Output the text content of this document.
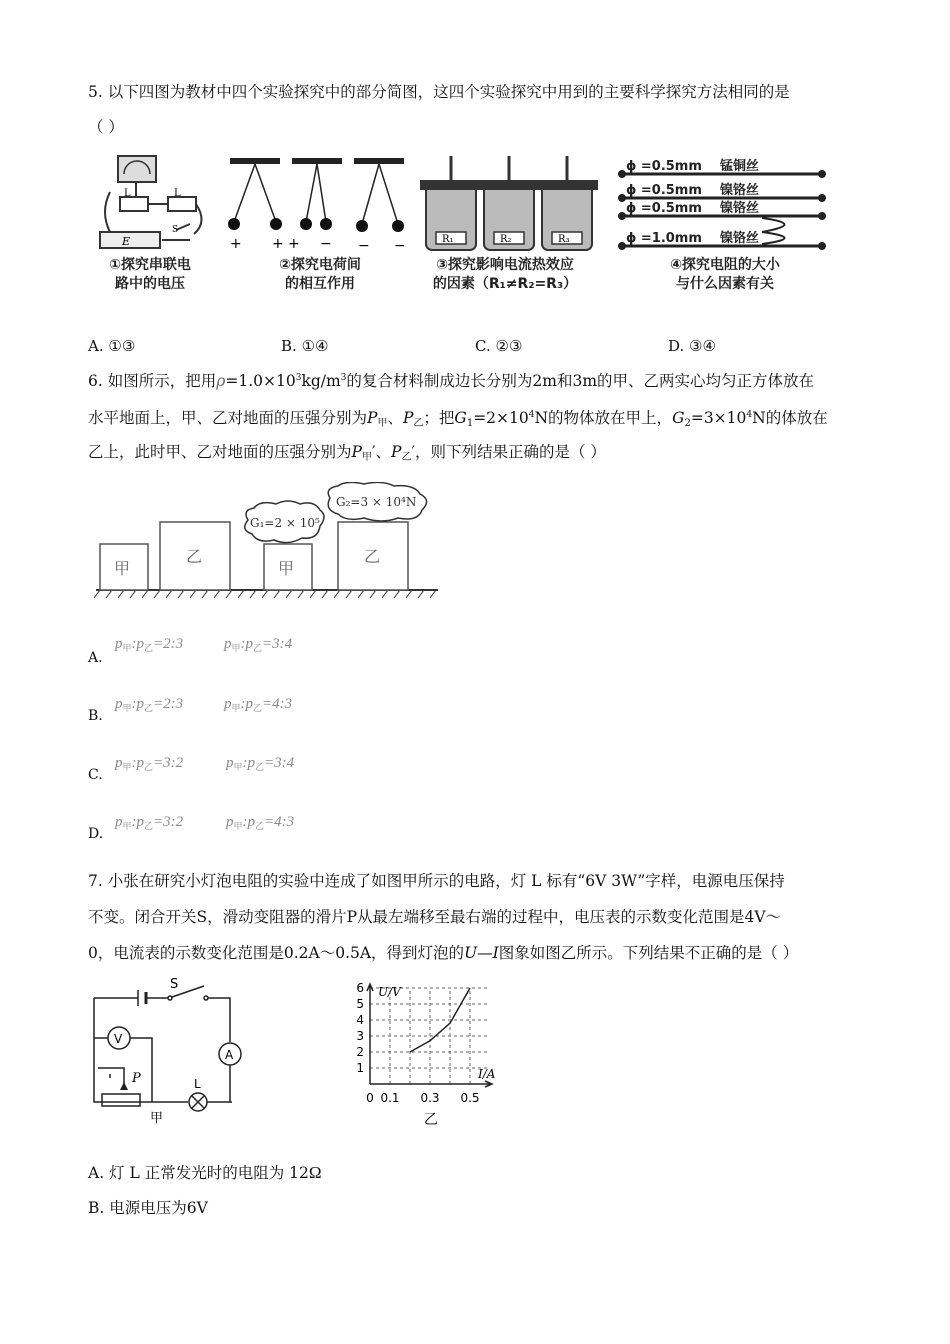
5. 以下四图为教材中四个实验探究中的部分简图，这四个实验探究中用到的主要科学探究方法相同的是
（ ）
L	L
E
S
①探究串联电
路中的电压
+ + + − − −
②探究电荷间
的相互作用
R₁	R₂	R₃
③探究影响电流热效应
的因素（R₁≠R₂=R₃）
ϕ =0.5mm 锰铜丝
ϕ =0.5mm 镍铬丝
ϕ =0.5mm 镍铬丝
ϕ =1.0mm 镍铬丝
④探究电阻的大小
与什么因素有关
A. ①③	B. ①④	C. ②③	D. ③④
6. 如图所示，把用$\rho=1.0\times 10^3kg/m^3$的复合材料制成边长分别为2m和3m的甲、乙两实心均匀正方体放在
水平地面上，甲、乙对地面的压强分别为$P_甲$、$P_乙$；把$G_1=2\times 10^4N$的物体放在甲上，$G_2=3\times 10^4N$的体放在
乙上，此时甲、乙对地面的压强分别为$P_甲'$、$P_乙'$，则下列结果正确的是（ ）
甲
乙
甲
乙
G₁=2 × 10⁵
G₂=3 × 10⁴N
A.
$p_甲:p_乙=2:3$	$p_甲:p_乙=3:4$
B.
$p_甲:p_乙=2:3$	$p_甲:p_乙=4:3$
C.
$p_甲:p_乙=3:2$	$p_甲:p_乙=3:4$
D.
$p_甲:p_乙=3:2$	$p_甲:p_乙=4:3$
7. 小张在研究小灯泡电阻的实验中连成了如图甲所示的电路，灯 L 标有“6V 3W”字样，电源电压保持
不变。闭合开关S，滑动变阻器的滑片P从最左端移至最右端的过程中，电压表的示数变化范围是4V～
0，电流表的示数变化范围是0.2A～0.5A，得到灯泡的U—I图象如图乙所示。下列结果不正确的是（ ）
S
V
A
P	L
甲
U/V
I/A
1
2
3
4
5
6
0 0.1 0.3 0.5
乙
A. 灯 L 正常发光时的电阻为 12Ω
B. 电源电压为6V
